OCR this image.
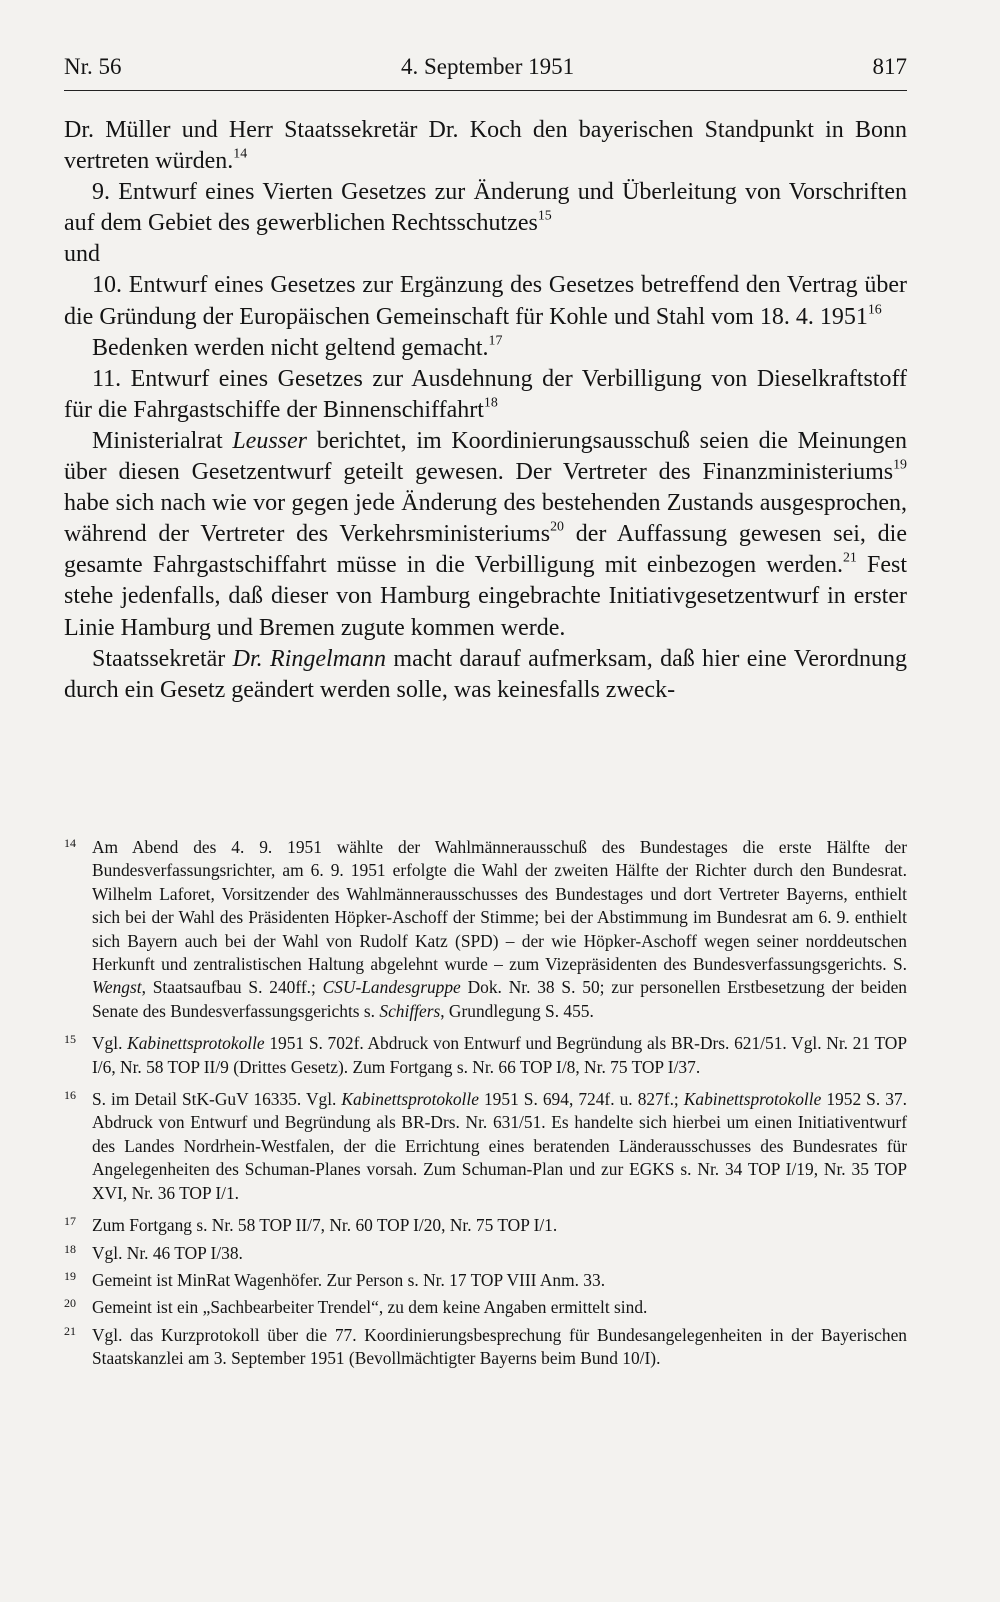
Nr. 56	4. September 1951	817

Dr. Müller und Herr Staatssekretär Dr. Koch den bayerischen Standpunkt in Bonn vertreten würden.$^{14}$

9. Entwurf eines Vierten Gesetzes zur Änderung und Überleitung von Vorschriften auf dem Gebiet des gewerblichen Rechtsschutzes$^{15}$

und

10. Entwurf eines Gesetzes zur Ergänzung des Gesetzes betreffend den Vertrag über die Gründung der Europäischen Gemeinschaft für Kohle und Stahl vom 18. 4. 1951$^{16}$

Bedenken werden nicht geltend gemacht.$^{17}$

11. Entwurf eines Gesetzes zur Ausdehnung der Verbilligung von Dieselkraftstoff für die Fahrgastschiffe der Binnenschiffahrt$^{18}$

Ministerialrat Leusser berichtet, im Koordinierungsausschuß seien die Meinungen über diesen Gesetzentwurf geteilt gewesen. Der Vertreter des Finanzministeriums$^{19}$ habe sich nach wie vor gegen jede Änderung des bestehenden Zustands ausgesprochen, während der Vertreter des Verkehrsministeriums$^{20}$ der Auffassung gewesen sei, die gesamte Fahrgastschiffahrt müsse in die Verbilligung mit einbezogen werden.$^{21}$ Fest stehe jedenfalls, daß dieser von Hamburg eingebrachte Initiativgesetzentwurf in erster Linie Hamburg und Bremen zugute kommen werde.

Staatssekretär Dr. Ringelmann macht darauf aufmerksam, daß hier eine Verordnung durch ein Gesetz geändert werden solle, was keinesfalls zweck-

14 Am Abend des 4. 9. 1951 wählte der Wahlmännerausschuß des Bundestages die erste Hälfte der Bundesverfassungsrichter, am 6. 9. 1951 erfolgte die Wahl der zweiten Hälfte der Richter durch den Bundesrat. Wilhelm Laforet, Vorsitzender des Wahlmännerausschusses des Bundestages und dort Vertreter Bayerns, enthielt sich bei der Wahl des Präsidenten Höpker-Aschoff der Stimme; bei der Abstimmung im Bundesrat am 6. 9. enthielt sich Bayern auch bei der Wahl von Rudolf Katz (SPD) – der wie Höpker-Aschoff wegen seiner norddeutschen Herkunft und zentralistischen Haltung abgelehnt wurde – zum Vizepräsidenten des Bundesverfassungsgerichts. S. Wengst, Staatsaufbau S. 240ff.; CSU-Landesgruppe Dok. Nr. 38 S. 50; zur personellen Erstbesetzung der beiden Senate des Bundesverfassungsgerichts s. Schiffers, Grundlegung S. 455.
15 Vgl. Kabinettsprotokolle 1951 S. 702f. Abdruck von Entwurf und Begründung als BR-Drs. 621/51. Vgl. Nr. 21 TOP I/6, Nr. 58 TOP II/9 (Drittes Gesetz). Zum Fortgang s. Nr. 66 TOP I/8, Nr. 75 TOP I/37.
16 S. im Detail StK-GuV 16335. Vgl. Kabinettsprotokolle 1951 S. 694, 724f. u. 827f.; Kabinettsprotokolle 1952 S. 37. Abdruck von Entwurf und Begründung als BR-Drs. Nr. 631/51. Es handelte sich hierbei um einen Initiativentwurf des Landes Nordrhein-Westfalen, der die Errichtung eines beratenden Länderausschusses des Bundesrates für Angelegenheiten des Schuman-Planes vorsah. Zum Schuman-Plan und zur EGKS s. Nr. 34 TOP I/19, Nr. 35 TOP XVI, Nr. 36 TOP I/1.
17 Zum Fortgang s. Nr. 58 TOP II/7, Nr. 60 TOP I/20, Nr. 75 TOP I/1.
18 Vgl. Nr. 46 TOP I/38.
19 Gemeint ist MinRat Wagenhöfer. Zur Person s. Nr. 17 TOP VIII Anm. 33.
20 Gemeint ist ein „Sachbearbeiter Trendel“, zu dem keine Angaben ermittelt sind.
21 Vgl. das Kurzprotokoll über die 77. Koordinierungsbesprechung für Bundesangelegenheiten in der Bayerischen Staatskanzlei am 3. September 1951 (Bevollmächtigter Bayerns beim Bund 10/I).
